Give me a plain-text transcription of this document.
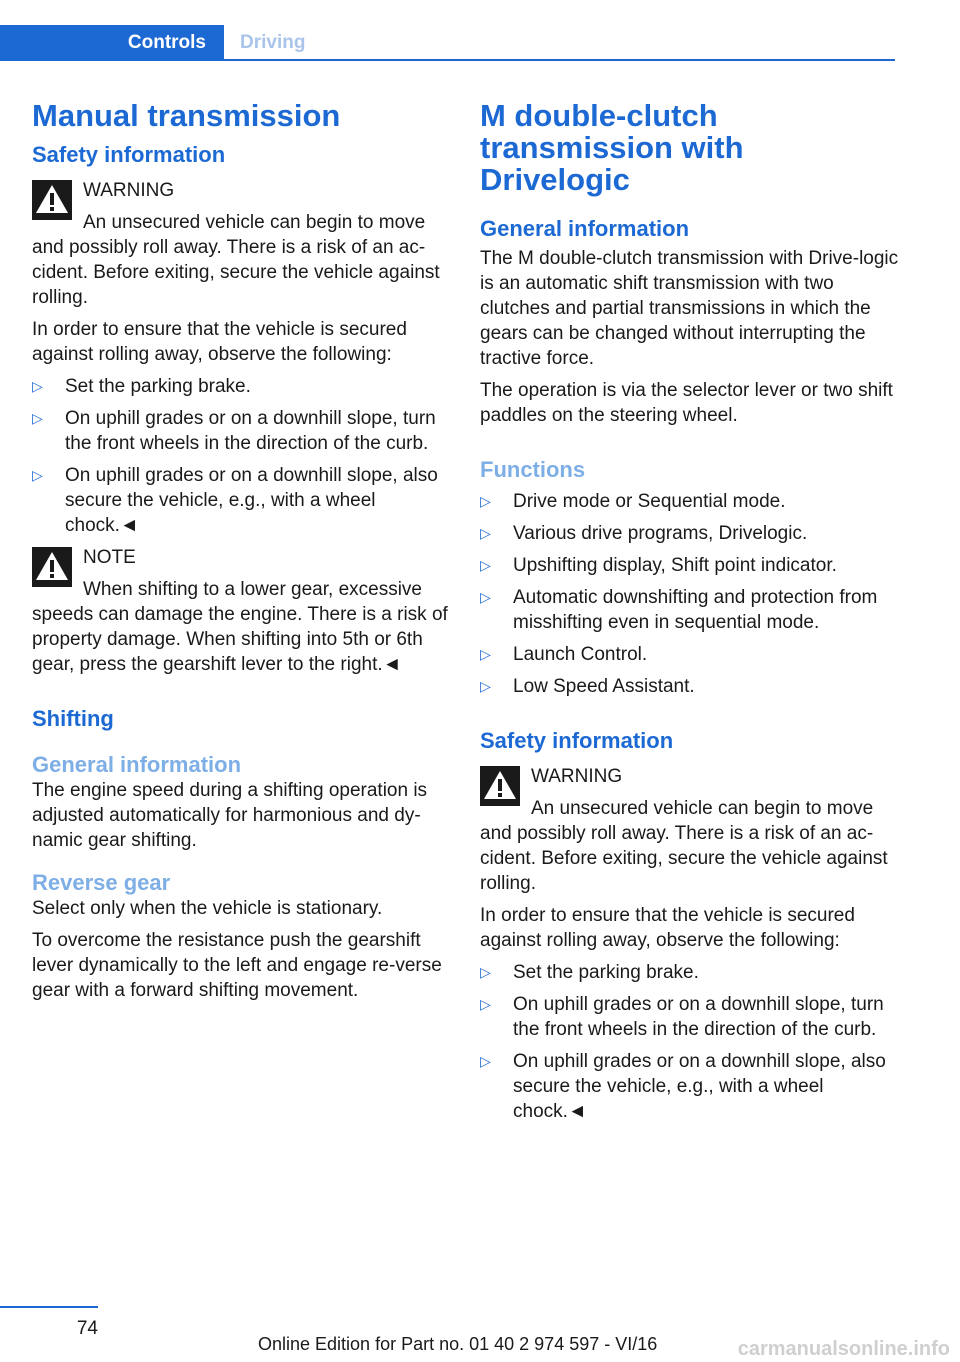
Controls	Driving
Manual transmission
Safety information
WARNING
An unsecured vehicle can begin to move and possibly roll away. There is a risk of an ac-cident. Before exiting, secure the vehicle against rolling.

In order to ensure that the vehicle is secured against rolling away, observe the following:

▷ Set the parking brake.
▷ On uphill grades or on a downhill slope, turn the front wheels in the direction of the curb.
▷ On uphill grades or on a downhill slope, also secure the vehicle, e.g., with a wheel chock.◄
NOTE
When shifting to a lower gear, excessive speeds can damage the engine. There is a risk of property damage. When shifting into 5th or 6th gear, press the gearshift lever to the right.◄
Shifting
General information

The engine speed during a shifting operation is adjusted automatically for harmonious and dy-namic gear shifting.

Reverse gear

Select only when the vehicle is stationary.

To overcome the resistance push the gearshift lever dynamically to the left and engage re-verse gear with a forward shifting movement.

M double-clutch transmission with Drivelogic
General information

The M double-clutch transmission with Drive-logic is an automatic shift transmission with two clutches and partial transmissions in which the gears can be changed without interrupting the tractive force.

The operation is via the selector lever or two shift paddles on the steering wheel.

Functions
▷ Drive mode or Sequential mode.
▷ Various drive programs, Drivelogic.
▷ Upshifting display, Shift point indicator.
▷ Automatic downshifting and protection from misshifting even in sequential mode.
▷ Launch Control.
▷ Low Speed Assistant.
Safety information
WARNING
An unsecured vehicle can begin to move and possibly roll away. There is a risk of an ac-cident. Before exiting, secure the vehicle against rolling.

In order to ensure that the vehicle is secured against rolling away, observe the following:

▷ Set the parking brake.
▷ On uphill grades or on a downhill slope, turn the front wheels in the direction of the curb.
▷ On uphill grades or on a downhill slope, also secure the vehicle, e.g., with a wheel chock.◄
74
Online Edition for Part no. 01 40 2 974 597 - VI/16	carmanualsonline.info
